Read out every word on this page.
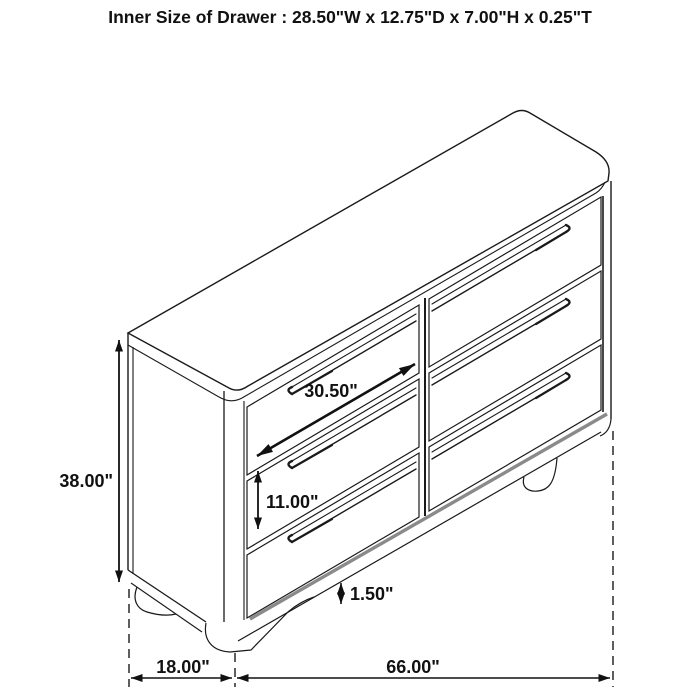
Inner Size of Drawer : 28.50"W x 12.75"D x 7.00"H x 0.25"T
38.00"
30.50"
11.00"
1.50"
18.00"	66.00"
